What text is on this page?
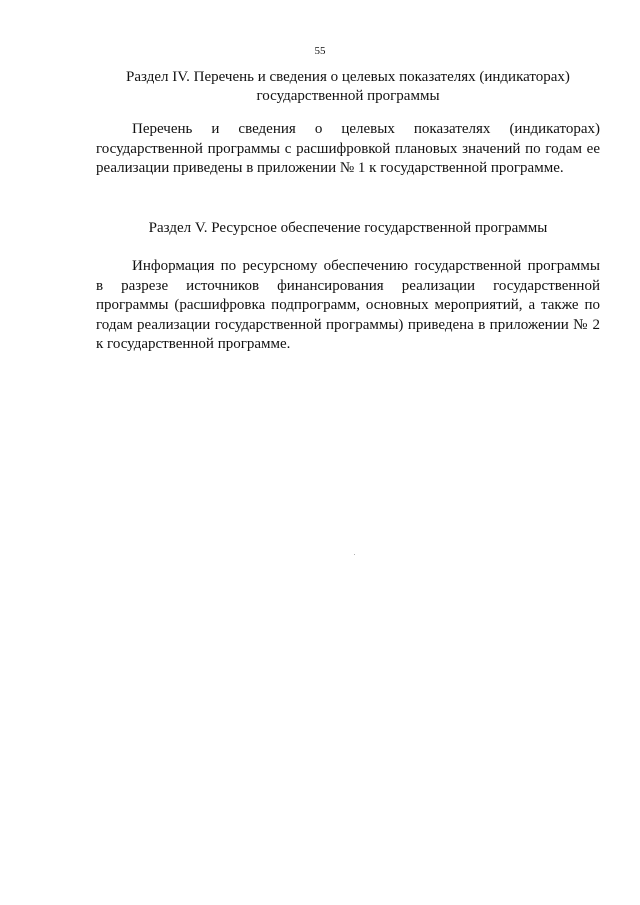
55
Раздел IV. Перечень и сведения о целевых показателях (индикаторах)
государственной программы

Перечень и сведения о целевых показателях (индикаторах)
государственной программы с расшифровкой плановых значений по годам ее
реализации приведены в приложении № 1 к государственной программе.

Раздел V. Ресурсное обеспечение государственной программы

Информация по ресурсному обеспечению государственной программы
в разрезе источников финансирования реализации государственной
программы (расшифровка подпрограмм, основных мероприятий, а также по
годам реализации государственной программы) приведена в приложении № 2
к государственной программе.
